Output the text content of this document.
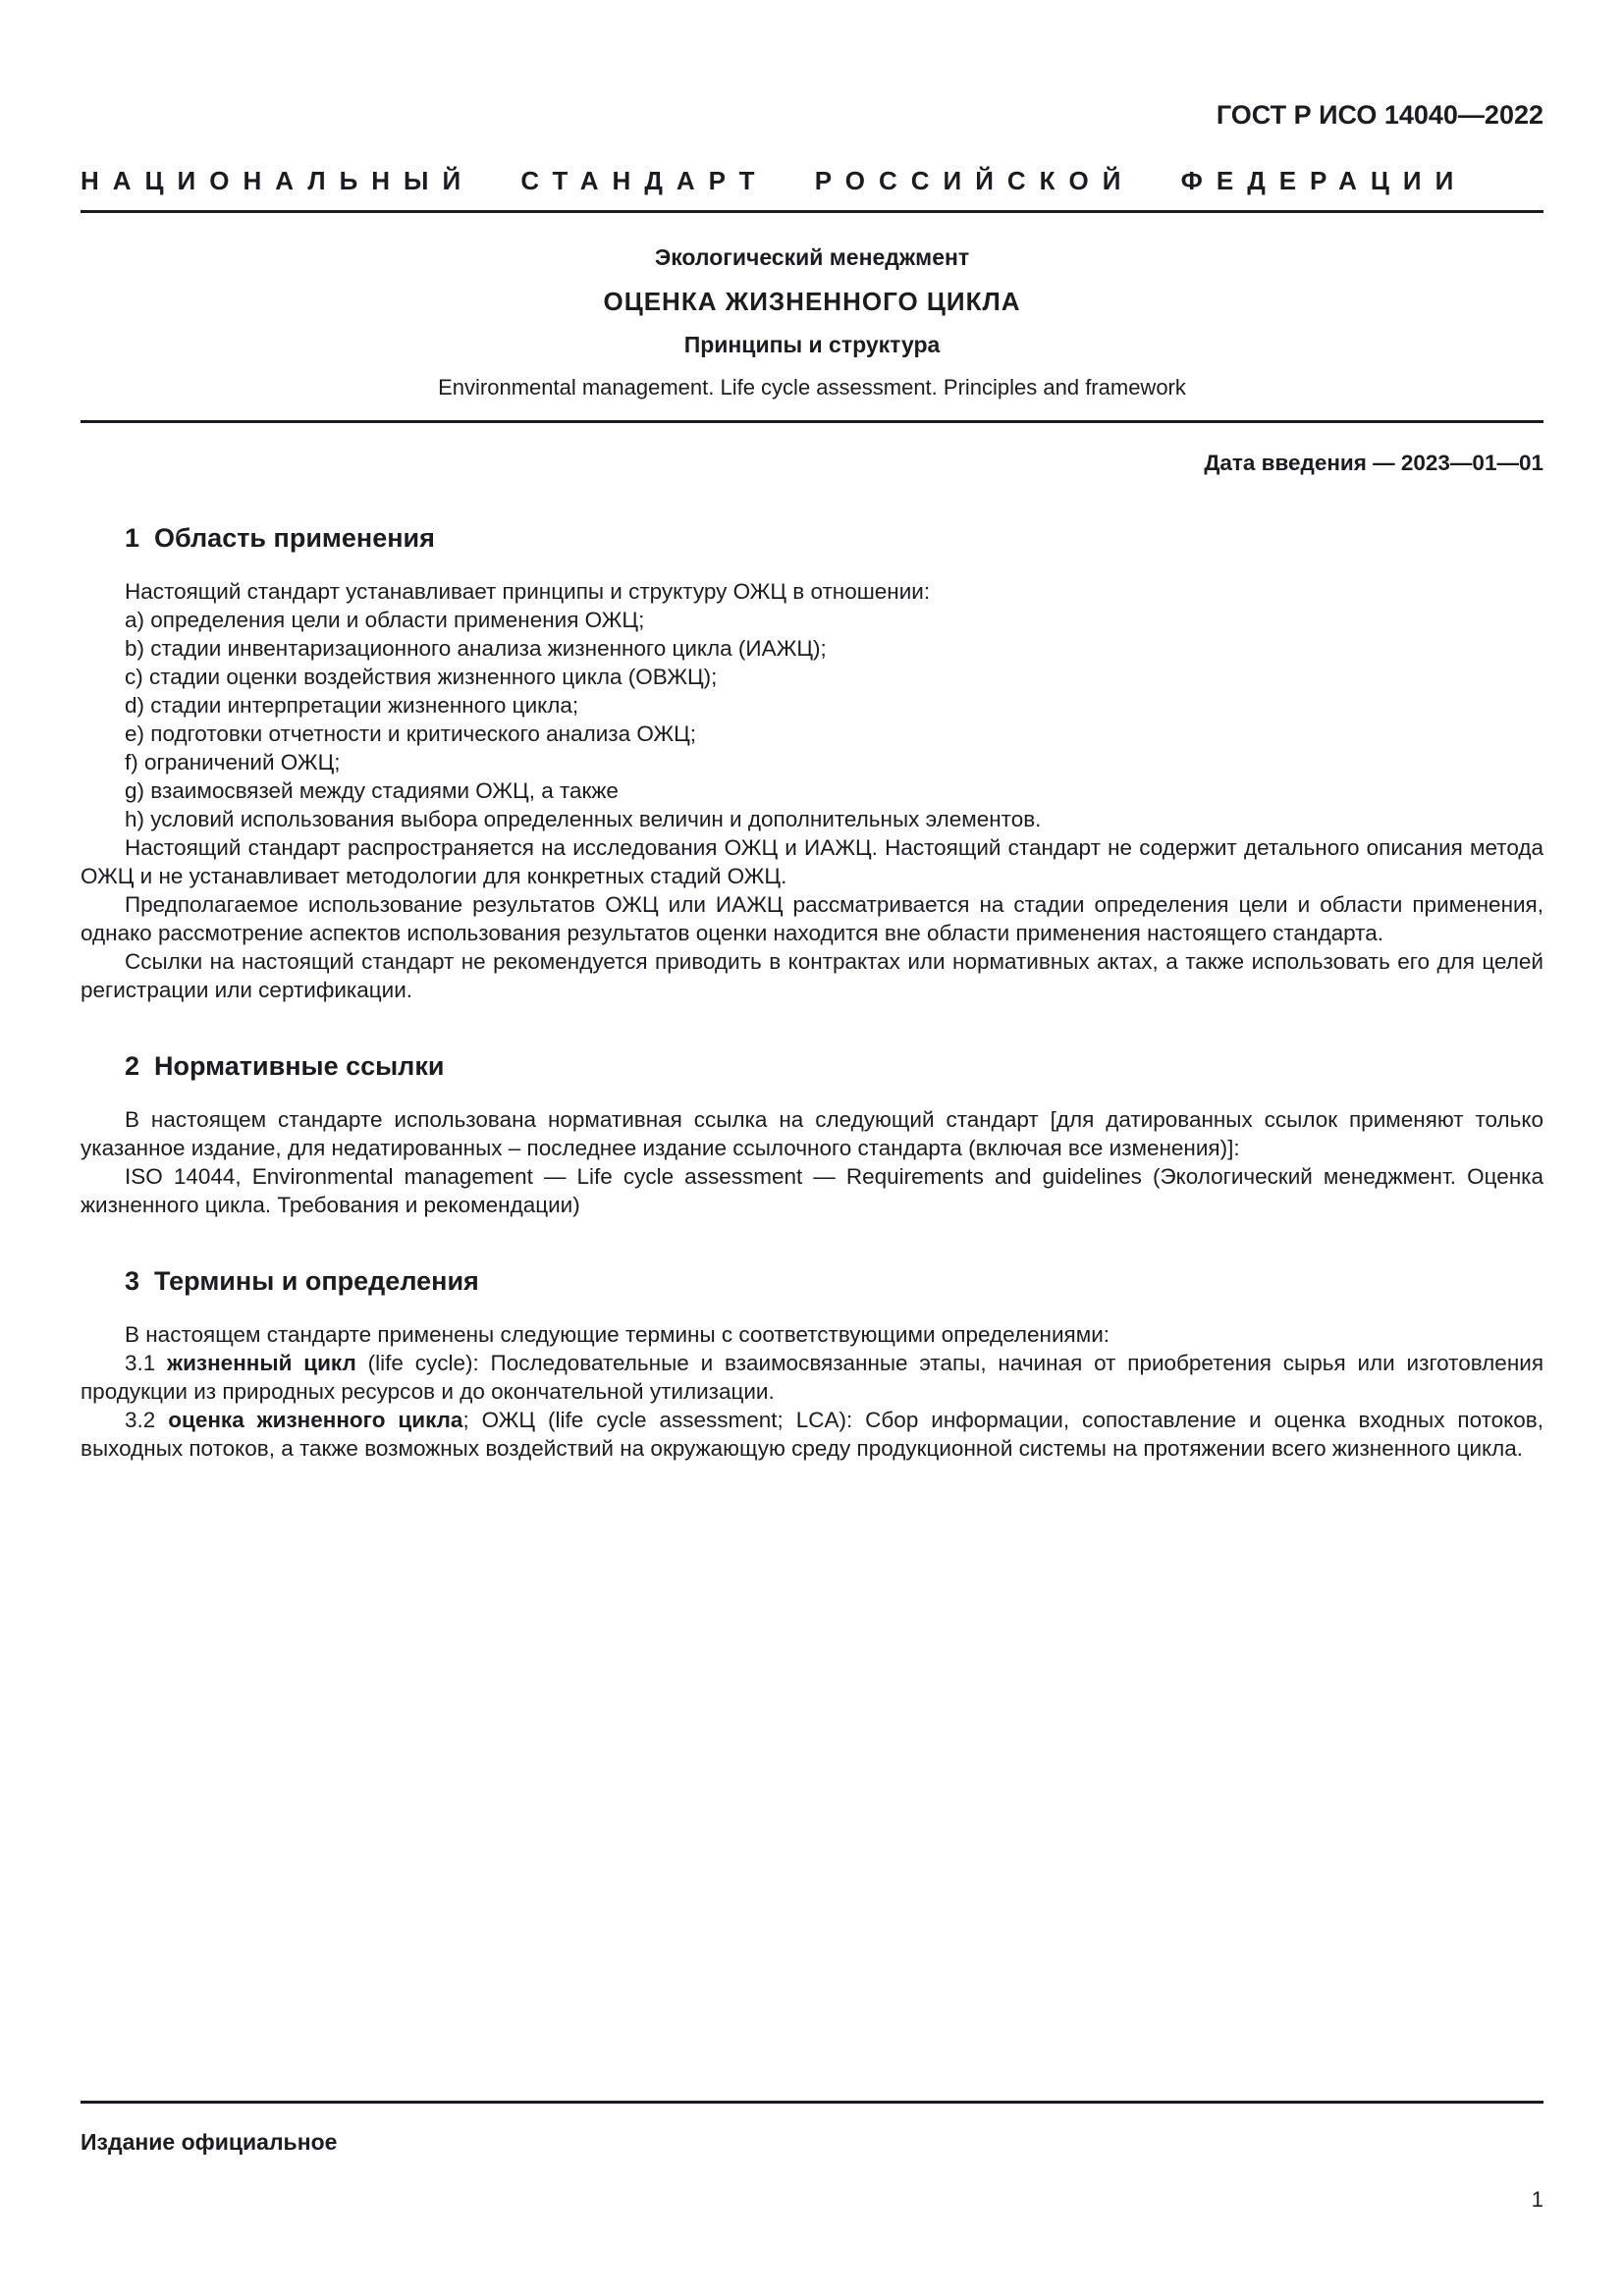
ГОСТ Р ИСО 14040—2022
НАЦИОНАЛЬНЫЙ СТАНДАРТ РОССИЙСКОЙ ФЕДЕРАЦИИ
Экологический менеджмент
ОЦЕНКА ЖИЗНЕННОГО ЦИКЛА
Принципы и структура
Environmental management. Life cycle assessment. Principles and framework
Дата введения — 2023—01—01
1  Область применения

Настоящий стандарт устанавливает принципы и структуру ОЖЦ в отношении:

a) определения цели и области применения ОЖЦ;
b) стадии инвентаризационного анализа жизненного цикла (ИАЖЦ);
c) стадии оценки воздействия жизненного цикла (ОВЖЦ);
d) стадии интерпретации жизненного цикла;
e) подготовки отчетности и критического анализа ОЖЦ;
f) ограничений ОЖЦ;
g) взаимосвязей между стадиями ОЖЦ, а также
h) условий использования выбора определенных величин и дополнительных элементов.

Настоящий стандарт распространяется на исследования ОЖЦ и ИАЖЦ. Настоящий стандарт не содержит детального описания метода ОЖЦ и не устанавливает методологии для конкретных стадий ОЖЦ.

Предполагаемое использование результатов ОЖЦ или ИАЖЦ рассматривается на стадии определения цели и области применения, однако рассмотрение аспектов использования результатов оценки находится вне области применения настоящего стандарта.

Ссылки на настоящий стандарт не рекомендуется приводить в контрактах или нормативных актах, а также использовать его для целей регистрации или сертификации.

2  Нормативные ссылки

В настоящем стандарте использована нормативная ссылка на следующий стандарт [для датированных ссылок применяют только указанное издание, для недатированных – последнее издание ссылочного стандарта (включая все изменения)]:

ISO 14044, Environmental management — Life cycle assessment — Requirements and guidelines (Экологический менеджмент. Оценка жизненного цикла. Требования и рекомендации)

3  Термины и определения

В настоящем стандарте применены следующие термины с соответствующими определениями:

3.1 жизненный цикл (life cycle): Последовательные и взаимосвязанные этапы, начиная от приобретения сырья или изготовления продукции из природных ресурсов и до окончательной утилизации.

3.2 оценка жизненного цикла; ОЖЦ (life cycle assessment; LCA): Сбор информации, сопоставление и оценка входных потоков, выходных потоков, а также возможных воздействий на окружающую среду продукционной системы на протяжении всего жизненного цикла.

Издание официальное
1
